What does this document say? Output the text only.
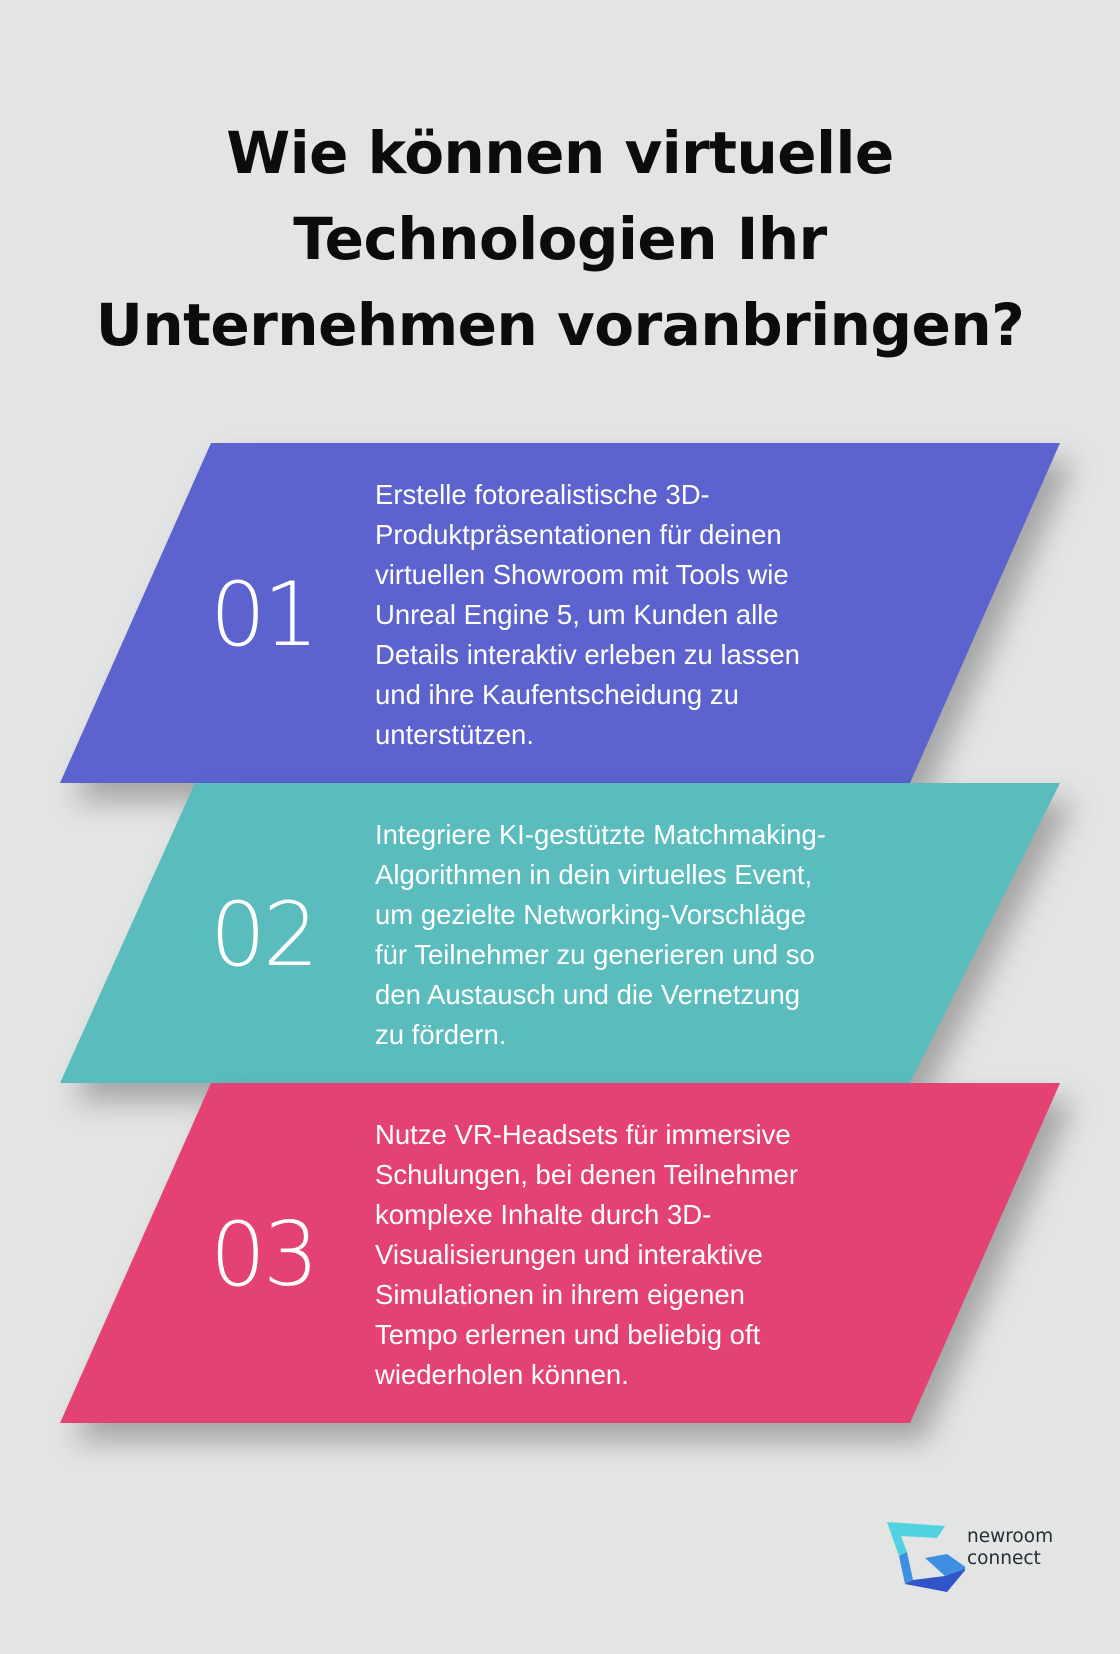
Wie können virtuelle
Technologien Ihr
Unternehmen voranbringen?
01

Erstelle fotorealistische 3D-
Produktpräsentationen für deinen
virtuellen Showroom mit Tools wie
Unreal Engine 5, um Kunden alle
Details interaktiv erleben zu lassen
und ihre Kaufentscheidung zu
unterstützen.

02

Integriere KI-gestützte Matchmaking-
Algorithmen in dein virtuelles Event,
um gezielte Networking-Vorschläge
für Teilnehmer zu generieren und so
den Austausch und die Vernetzung
zu fördern.

03

Nutze VR-Headsets für immersive
Schulungen, bei denen Teilnehmer
komplexe Inhalte durch 3D-
Visualisierungen und interaktive
Simulationen in ihrem eigenen
Tempo erlernen und beliebig oft
wiederholen können.

newroom
connect
